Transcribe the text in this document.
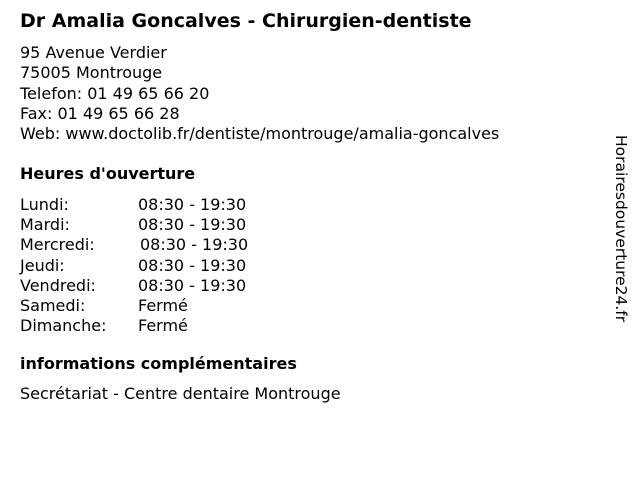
Dr Amalia Goncalves - Chirurgien-dentiste
95 Avenue Verdier
75005 Montrouge
Telefon: 01 49 65 66 20
Fax: 01 49 65 66 28
Web: www.doctolib.fr/dentiste/montrouge/amalia-goncalves
Heures d'ouverture
Lundi:	08:30 - 19:30
Mardi:	08:30 - 19:30
Mercredi:	08:30 - 19:30
Jeudi:	08:30 - 19:30
Vendredi:	08:30 - 19:30
Samedi:	Fermé
Dimanche: Fermé
informations complémentaires
Secrétariat - Centre dentaire Montrouge
Horairesdouverture24.fr
